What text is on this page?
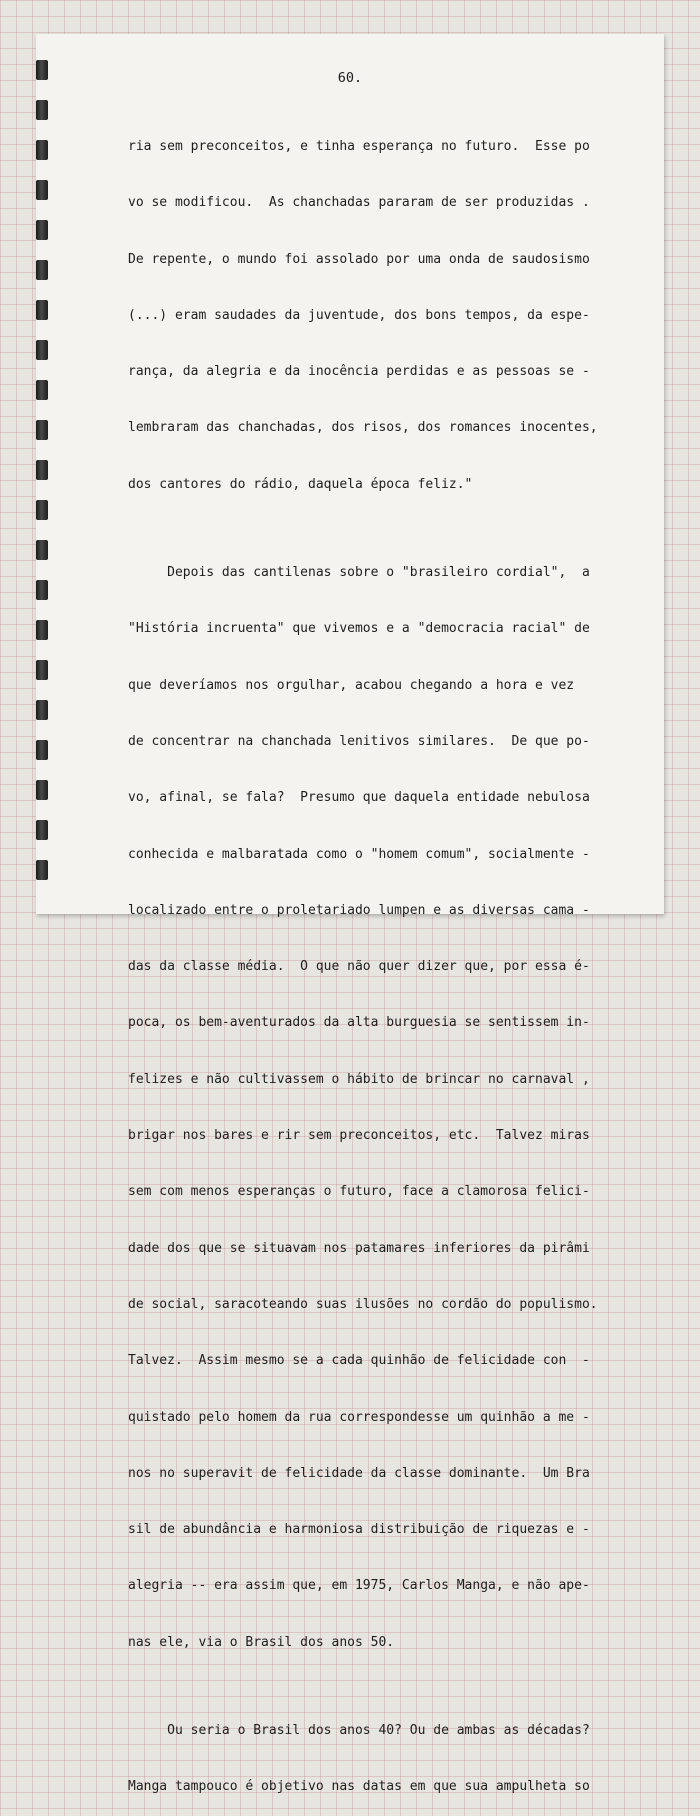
60.

ria sem preconceitos, e tinha esperança no futuro.  Esse po

vo se modificou.  As chanchadas pararam de ser produzidas .

De repente, o mundo foi assolado por uma onda de saudosismo

(...) eram saudades da juventude, dos bons tempos, da espe-

rança, da alegria e da inocência perdidas e as pessoas se -

lembraram das chanchadas, dos risos, dos romances inocentes,

dos cantores do rádio, daquela época feliz."

Depois das cantilenas sobre o "brasileiro cordial",  a

"História incruenta" que vivemos e a "democracia racial" de

que deveríamos nos orgulhar, acabou chegando a hora e vez

de concentrar na chanchada lenitivos similares.  De que po-

vo, afinal, se fala?  Presumo que daquela entidade nebulosa

conhecida e malbaratada como o "homem comum", socialmente -

localizado entre o proletariado lumpen e as diversas cama -

das da classe média.  O que não quer dizer que, por essa é-

poca, os bem-aventurados da alta burguesia se sentissem in-

felizes e não cultivassem o hábito de brincar no carnaval ,

brigar nos bares e rir sem preconceitos, etc.  Talvez miras

sem com menos esperanças o futuro, face a clamorosa felici-

dade dos que se situavam nos patamares inferiores da pirâmi

de social, saracoteando suas ilusões no cordão do populismo.

Talvez.  Assim mesmo se a cada quinhão de felicidade con  -

quistado pelo homem da rua correspondesse um quinhão a me -

nos no superavit de felicidade da classe dominante.  Um Bra

sil de abundância e harmoniosa distribuição de riquezas e -

alegria -- era assim que, em 1975, Carlos Manga, e não ape-

nas ele, via o Brasil dos anos 50.

Ou seria o Brasil dos anos 40? Ou de ambas as décadas?

Manga tampouco é objetivo nas datas em que sua ampulheta so
